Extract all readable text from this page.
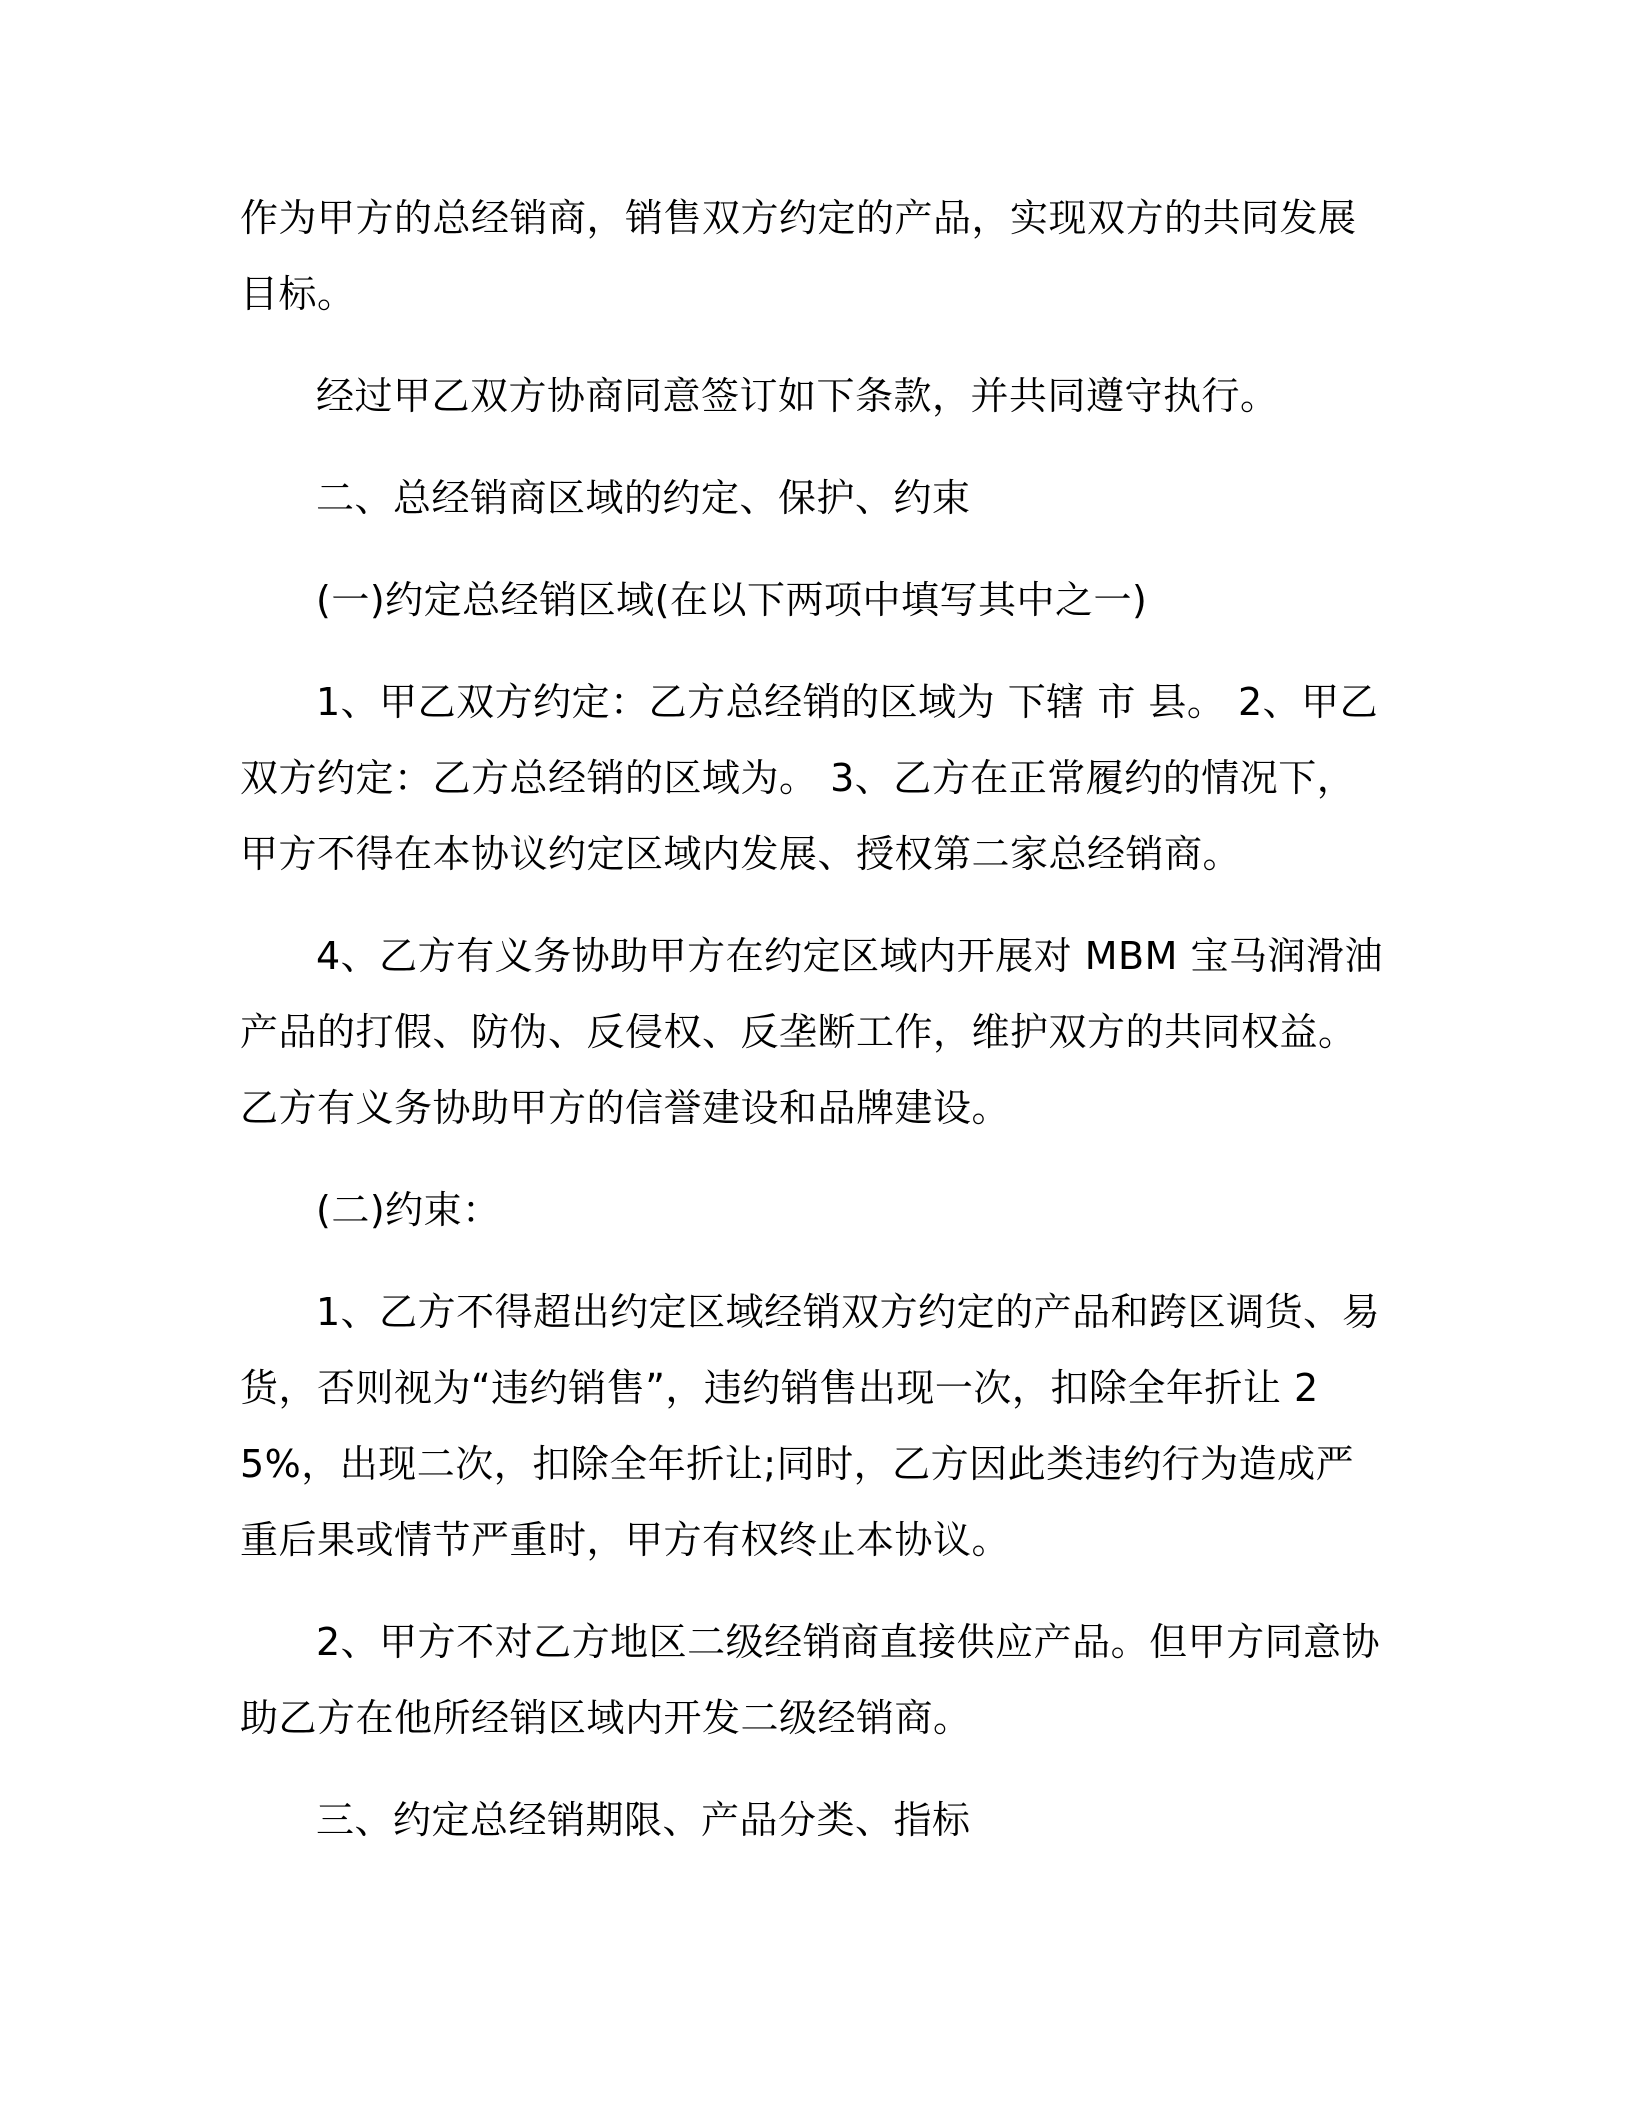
作为甲方的总经销商，销售双方约定的产品，实现双方的共同发展目标。

经过甲乙双方协商同意签订如下条款，并共同遵守执行。

二、总经销商区域的约定、保护、约束

(一)约定总经销区域(在以下两项中填写其中之一)

1、甲乙双方约定：乙方总经销的区域为 下辖 市 县。 2、甲乙双方约定：乙方总经销的区域为。 3、乙方在正常履约的情况下，甲方不得在本协议约定区域内发展、授权第二家总经销商。

4、乙方有义务协助甲方在约定区域内开展对 MBM 宝马润滑油产品的打假、防伪、反侵权、反垄断工作，维护双方的共同权益。乙方有义务协助甲方的信誉建设和品牌建设。

(二)约束：

1、乙方不得超出约定区域经销双方约定的产品和跨区调货、易货，否则视为“违约销售”，违约销售出现一次，扣除全年折让 25%，出现二次，扣除全年折让;同时，乙方因此类违约行为造成严重后果或情节严重时，甲方有权终止本协议。

2、甲方不对乙方地区二级经销商直接供应产品。但甲方同意协助乙方在他所经销区域内开发二级经销商。

三、约定总经销期限、产品分类、指标
